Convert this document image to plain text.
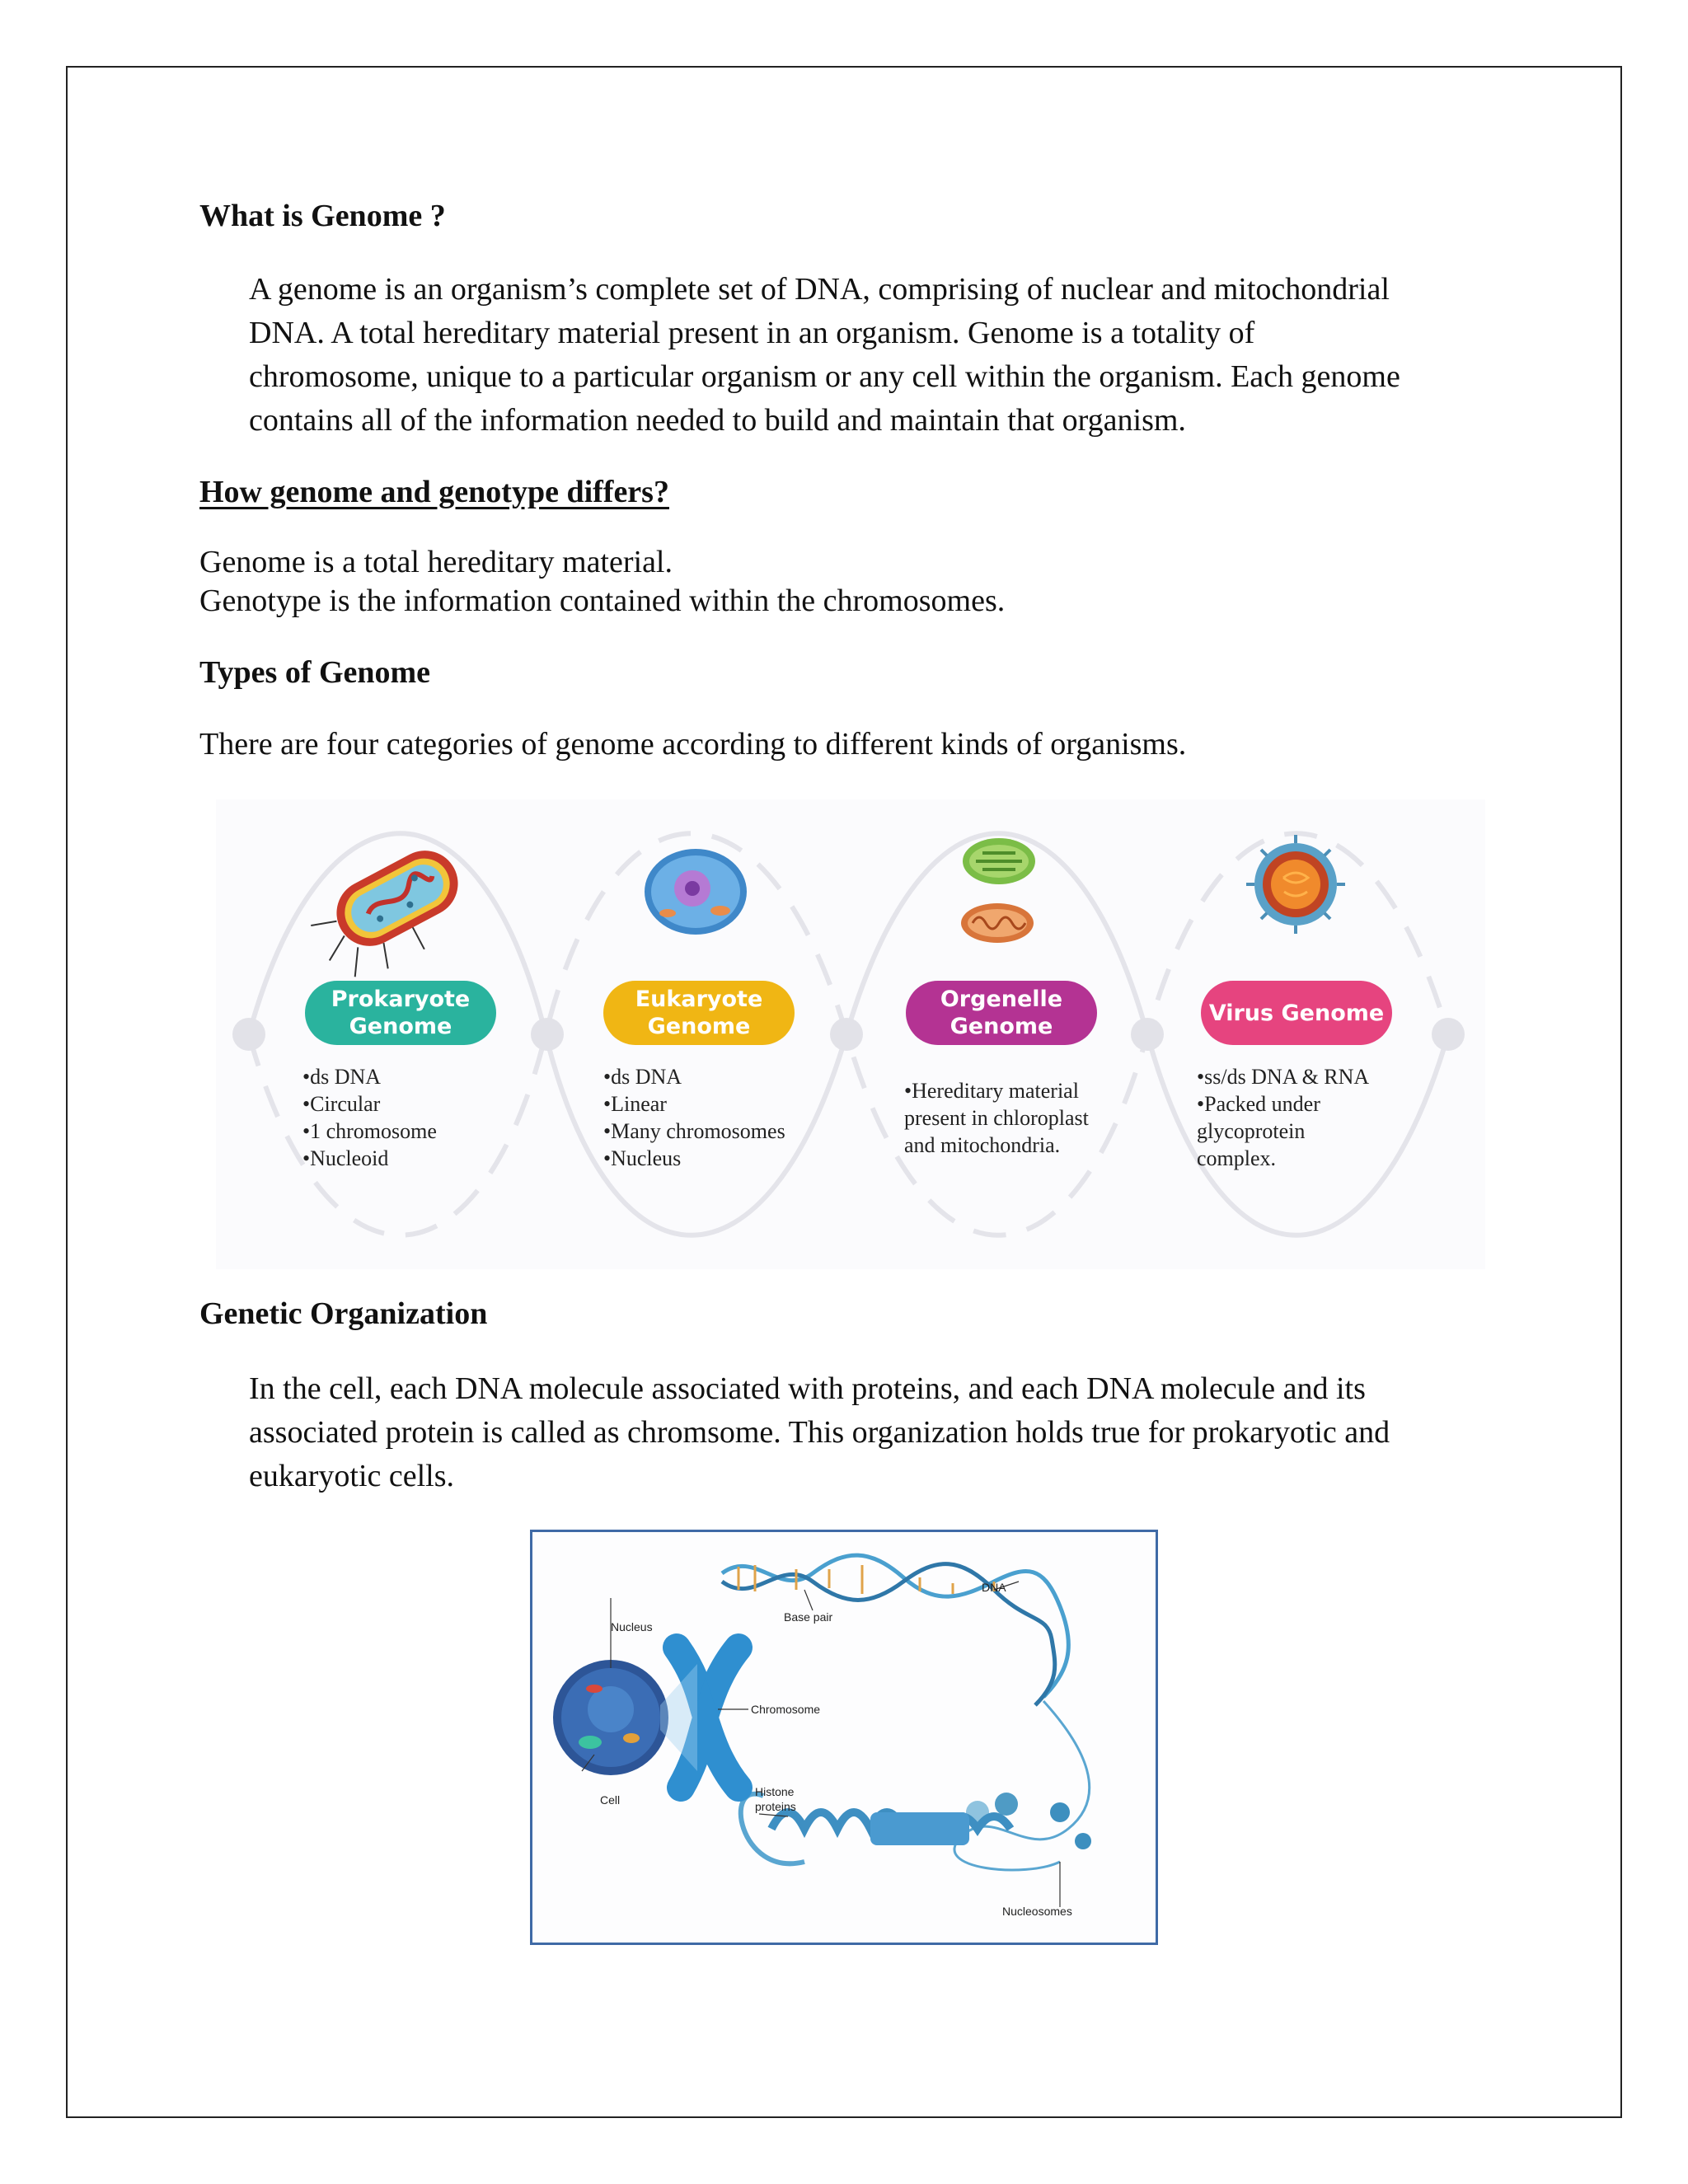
What is Genome ?
A genome is an organism’s complete set of DNA, comprising of nuclear and mitochondrial
DNA. A total hereditary material present in an organism. Genome is a totality of
chromosome, unique to a particular organism or any cell within the organism. Each genome
contains all of the information needed to build and maintain that organism.
How genome and genotype differs?
Genome is a total hereditary material.
Genotype is the information contained within the chromosomes.
Types of Genome
There are four categories of genome according to different kinds of organisms.
Prokaryote
Genome
Eukaryote
Genome
Orgenelle
Genome
Virus Genome
•ds DNA
•Circular
•1 chromosome
•Nucleoid
•ds DNA
•Linear
•Many chromosomes
•Nucleus
•Hereditary material
present in chloroplast
and mitochondria.
•ss/ds DNA & RNA
•Packed under
glycoprotein
complex.
Genetic Organization
In the cell, each DNA molecule associated with proteins, and each DNA molecule and its
associated protein is called as chromsome. This organization holds true for prokaryotic and
eukaryotic cells.
DNA
Base pair
Nucleus
Chromosome
Cell
Histone
proteins
Nucleosomes
